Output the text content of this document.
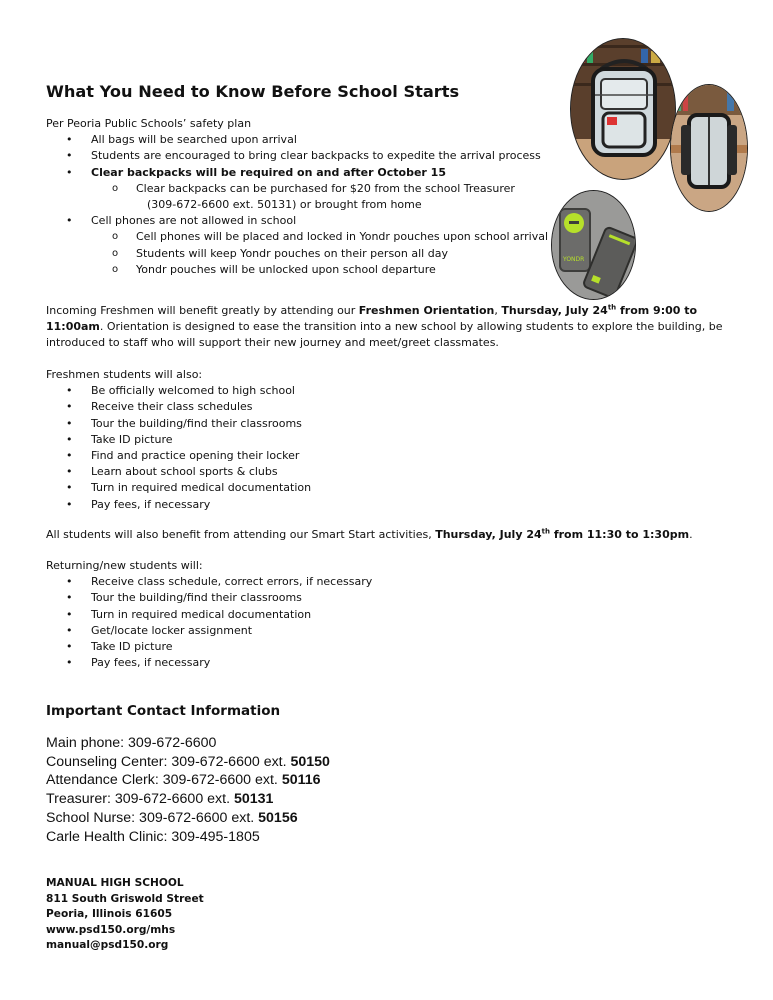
What You Need to Know Before School Starts
Per Peoria Public Schools’ safety plan
• All bags will be searched upon arrival
• Students are encouraged to bring clear backpacks to expedite the arrival process
• Clear backpacks will be required on and after October 15
o Clear backpacks can be purchased for $20 from the school Treasurer
(309-672-6600 ext. 50131) or brought from home
• Cell phones are not allowed in school
o Cell phones will be placed and locked in Yondr pouches upon school arrival
o Students will keep Yondr pouches on their person all day
o Yondr pouches will be unlocked upon school departure
Incoming Freshmen will benefit greatly by attending our Freshmen Orientation, Thursday, July 24th from 9:00 to 11:00am. Orientation is designed to ease the transition into a new school by allowing students to explore the building, be introduced to staff who will support their new journey and meet/greet classmates.
Freshmen students will also:
• Be officially welcomed to high school
• Receive their class schedules
• Tour the building/find their classrooms
• Take ID picture
• Find and practice opening their locker
• Learn about school sports & clubs
• Turn in required medical documentation
• Pay fees, if necessary
All students will also benefit from attending our Smart Start activities, Thursday, July 24th from 11:30 to 1:30pm.
Returning/new students will:
• Receive class schedule, correct errors, if necessary
• Tour the building/find their classrooms
• Turn in required medical documentation
• Get/locate locker assignment
• Take ID picture
• Pay fees, if necessary
Important Contact Information
Main phone: 309-672-6600
Counseling Center: 309-672-6600 ext. 50150
Attendance Clerk: 309-672-6600 ext. 50116
Treasurer: 309-672-6600 ext. 50131
School Nurse: 309-672-6600 ext. 50156
Carle Health Clinic: 309-495-1805
MANUAL HIGH SCHOOL
811 South Griswold Street
Peoria, Illinois 61605
www.psd150.org/mhs
manual@psd150.org
YONDR
